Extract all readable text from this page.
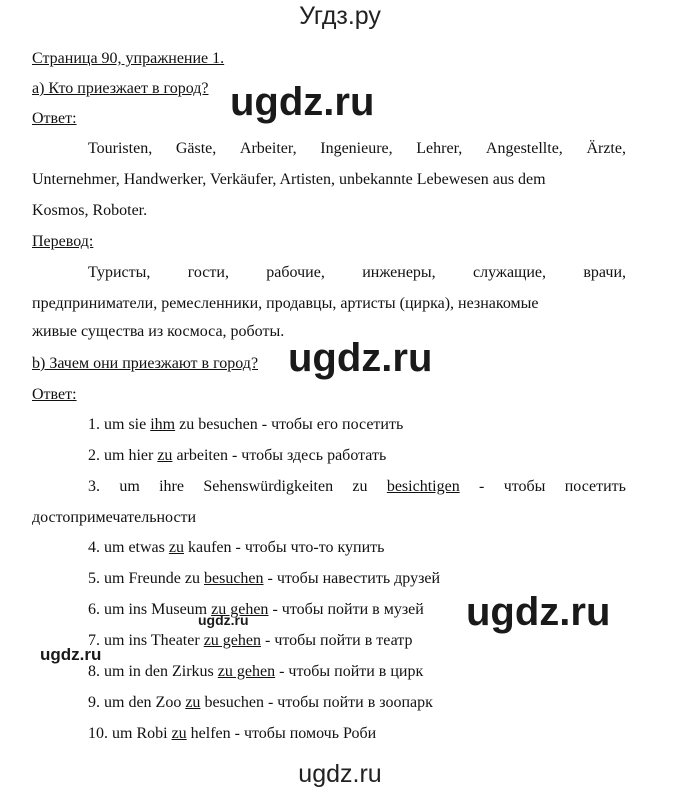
Угдз.ру
Страница 90, упражнение 1.
а) Кто приезжает в город?
Ответ:
Touristen, Gäste, Arbeiter, Ingenieure, Lehrer, Angestellte, Ärzte,
Unternehmer, Handwerker, Verkäufer, Artisten, unbekannte Lebewesen aus dem
Kosmos, Roboter.
Перевод:
Туристы, гости, рабочие, инженеры, служащие, врачи,
предприниматели, ремесленники, продавцы, артисты (цирка), незнакомые
живые существа из космоса, роботы.
b) Зачем они приезжают в город?
Ответ:
1. um sie ihm zu besuchen - чтобы его посетить
2. um hier zu arbeiten - чтобы здесь работать
3. um ihre Sehenswürdigkeiten zu besichtigen - чтобы посетить
достопримечательности
4. um etwas zu kaufen - чтобы что-то купить
5. um Freunde zu besuchen - чтобы навестить друзей
6. um ins Museum zu gehen - чтобы пойти в музей
7. um ins Theater zu gehen - чтобы пойти в театр
8. um in den Zirkus zu gehen - чтобы пойти в цирк
9. um den Zoo zu besuchen - чтобы пойти в зоопарк
10. um Robi zu helfen - чтобы помочь Роби
ugdz.ru
ugdz.ru
ugdz.ru
ugdz.ru
ugdz.ru
ugdz.ru
